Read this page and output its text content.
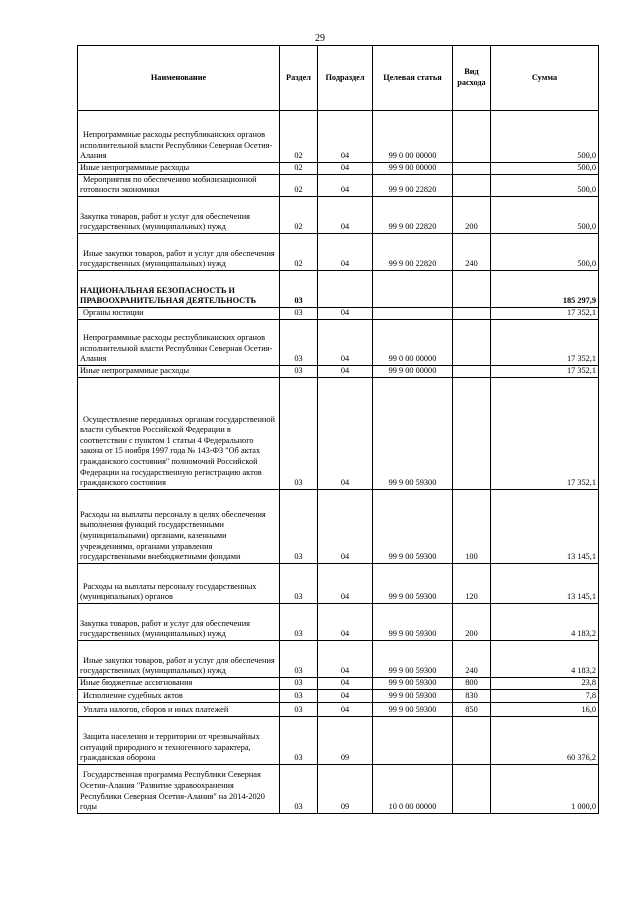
29
Наименование	Раздел	Подраздел	Целевая статья	Вид расхода	Сумма
Непрограммные расходы республиканских органов исполнительной власти Республики Северная Осетия-Алания	02	04	99 0 00 00000		500,0
Иные непрограммные расходы	02	04	99 9 00 00000		500,0
Мероприятия по обеспечению мобилизационной готовности экономики	02	04	99 9 00 22820		500,0
Закупка товаров, работ и услуг для обеспечения государственных (муниципальных) нужд	02	04	99 9 00 22820	200	500,0
Иные закупки товаров, работ и услуг для обеспечения государственных (муниципальных) нужд	02	04	99 9 00 22820	240	500,0
НАЦИОНАЛЬНАЯ БЕЗОПАСНОСТЬ И ПРАВООХРАНИТЕЛЬНАЯ ДЕЯТЕЛЬНОСТЬ	03				185 297,9
Органы юстиции	03	04			17 352,1
Непрограммные расходы республиканских органов исполнительной власти Республики Северная Осетия-Алания	03	04	99 0 00 00000		17 352,1
Иные непрограммные расходы	03	04	99 9 00 00000		17 352,1
Осуществление переданных органам государственной власти субъектов Российской Федерации в соответствии с пунктом 1 статьи 4 Федерального закона от 15 ноября 1997 года № 143-ФЗ "Об актах гражданского состояния" полномочий Российской Федерации на государственную регистрацию актов гражданского состояния	03	04	99 9 00 59300		17 352,1
Расходы на выплаты персоналу в целях обеспечения выполнения функций государственными (муниципальными) органами, казенными учреждениями, органами управления государственными внебюджетными фондами	03	04	99 9 00 59300	100	13 145,1
Расходы на выплаты персоналу государственных (муниципальных) органов	03	04	99 9 00 59300	120	13 145,1
Закупка товаров, работ и услуг для обеспечения государственных (муниципальных) нужд	03	04	99 9 00 59300	200	4 183,2
Иные закупки товаров, работ и услуг для обеспечения государственных (муниципальных) нужд	03	04	99 9 00 59300	240	4 183,2
Иные бюджетные ассигнования	03	04	99 9 00 59300	800	23,8
Исполнение судебных актов	03	04	99 9 00 59300	830	7,8
Уплата налогов, сборов и иных платежей	03	04	99 9 00 59300	850	16,0
Защита населения и территории от чрезвычайных ситуаций природного и техногенного характера, гражданская оборона	03	09			60 376,2
Государственная программа Республики Северная Осетия-Алания "Развитие здравоохранения Республики Северная Осетия-Алания" на 2014-2020 годы	03	09	10 0 00 00000		1 000,0
